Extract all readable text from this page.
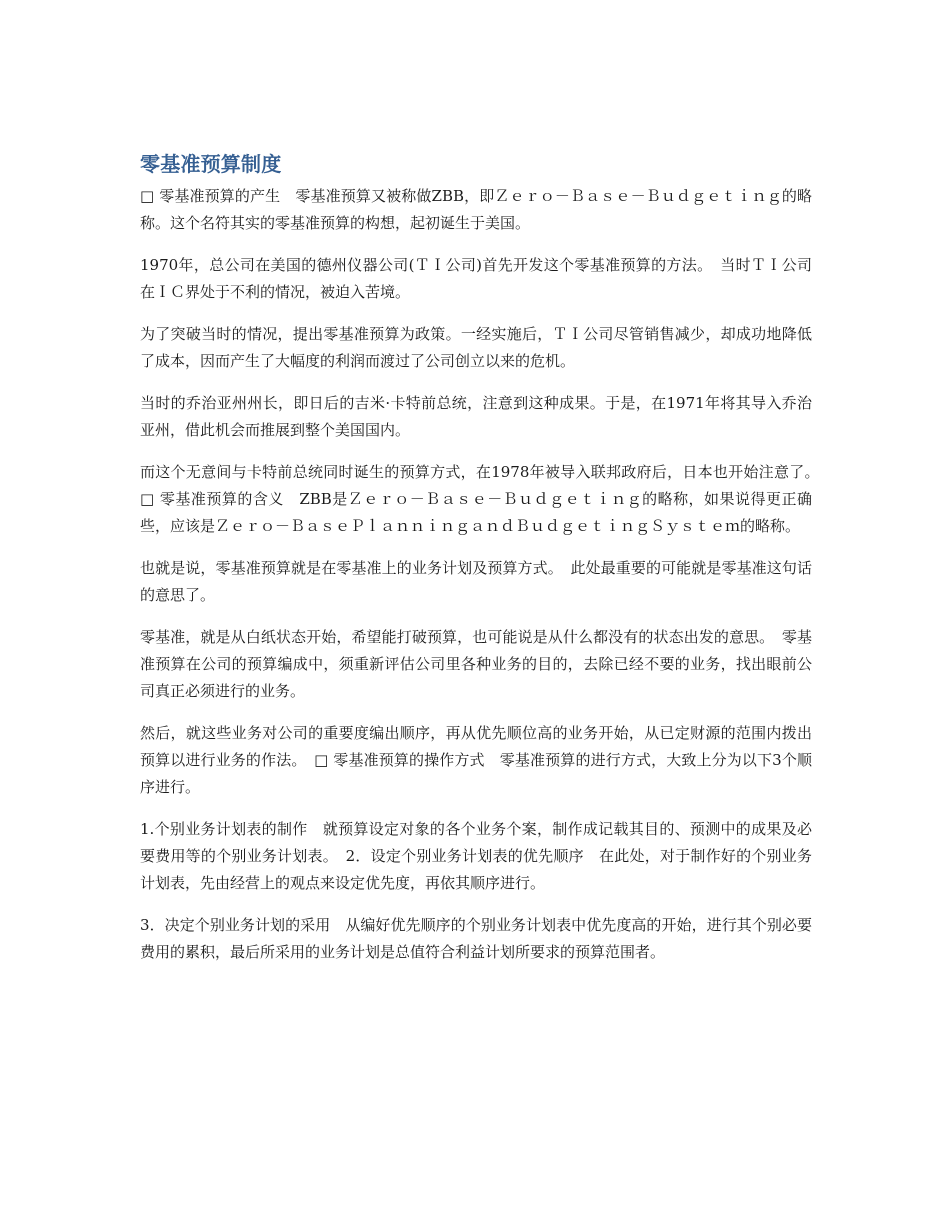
零基准预算制度

□ 零基准预算的产生　零基准预算又被称做ZBB，即Ｚｅｒｏ－Ｂａｓｅ－Ｂｕｄｇｅｔｉｎｇ的略称。这个名符其实的零基准预算的构想，起初诞生于美国。

1970年，总公司在美国的德州仪器公司(ＴＩ公司)首先开发这个零基准预算的方法。　当时ＴＩ公司在ＩＣ界处于不利的情况，被迫入苦境。

为了突破当时的情况，提出零基准预算为政策。一经实施后，ＴＩ公司尽管销售减少，却成功地降低了成本，因而产生了大幅度的利润而渡过了公司创立以来的危机。

当时的乔治亚州州长，即日后的吉米·卡特前总统，注意到这种成果。于是，在1971年将其导入乔治亚州，借此机会而推展到整个美国国内。

而这个无意间与卡特前总统同时诞生的预算方式，在1978年被导入联邦政府后，日本也开始注意了。　□ 零基准预算的含义　ZBB是Ｚｅｒｏ－Ｂａｓｅ－Ｂｕｄｇｅｔｉｎｇ的略称，如果说得更正确些，应该是Ｚｅｒｏ－ＢａｓｅＰｌａｎｎｉｎｇａｎｄＢｕｄｇｅｔｉｎｇＳｙｓｔｅｍ的略称。

也就是说，零基准预算就是在零基准上的业务计划及预算方式。　此处最重要的可能就是零基准这句话的意思了。

零基准，就是从白纸状态开始，希望能打破预算，也可能说是从什么都没有的状态出发的意思。　零基准预算在公司的预算编成中，须重新评估公司里各种业务的目的，去除已经不要的业务，找出眼前公司真正必须进行的业务。

然后，就这些业务对公司的重要度编出顺序，再从优先顺位高的业务开始，从已定财源的范围内拨出预算以进行业务的作法。　□ 零基准预算的操作方式　零基准预算的进行方式，大致上分为以下3个顺序进行。

1.个别业务计划表的制作　就预算设定对象的各个业务个案，制作成记载其目的、预测中的成果及必要费用等的个别业务计划表。　2．设定个别业务计划表的优先顺序　在此处，对于制作好的个别业务计划表，先由经营上的观点来设定优先度，再依其顺序进行。

3．决定个别业务计划的采用　从编好优先顺序的个别业务计划表中优先度高的开始，进行其个别必要费用的累积，最后所采用的业务计划是总值符合利益计划所要求的预算范围者。
